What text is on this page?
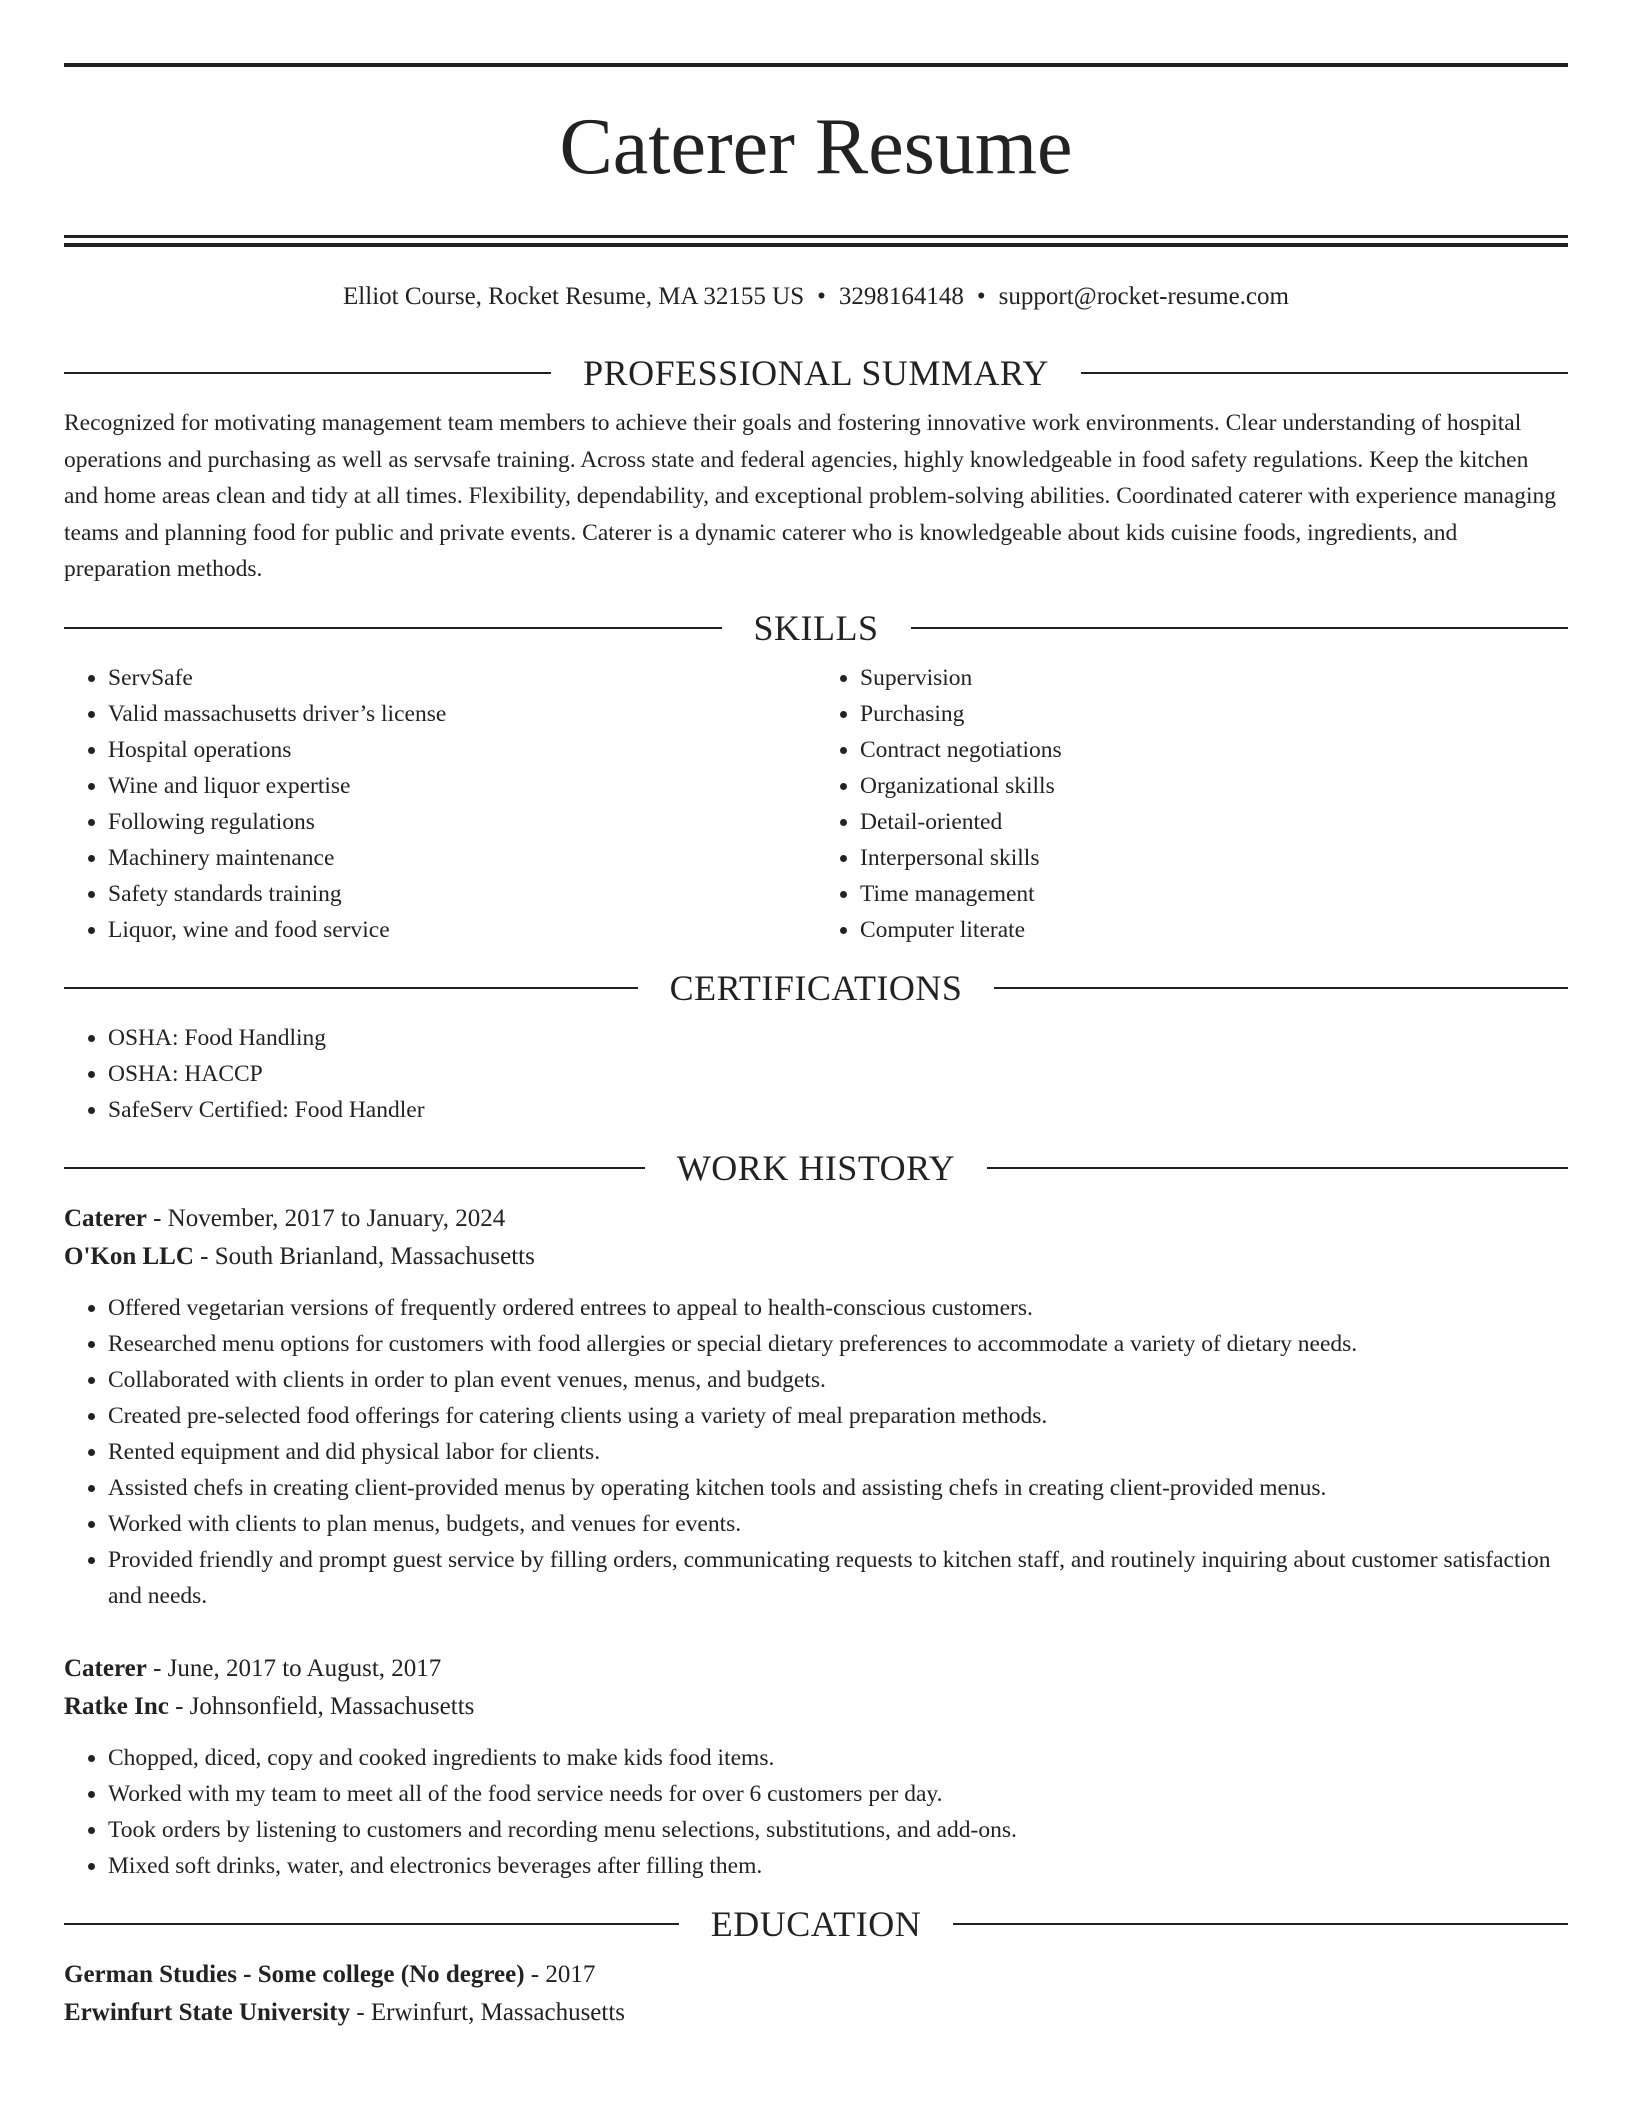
Caterer Resume
Elliot Course, Rocket Resume, MA 32155 US • 3298164148 • support@rocket-resume.com
PROFESSIONAL SUMMARY

Recognized for motivating management team members to achieve their goals and fostering innovative work environments. Clear understanding of hospital operations and purchasing as well as servsafe training. Across state and federal agencies, highly knowledgeable in food safety regulations. Keep the kitchen and home areas clean and tidy at all times. Flexibility, dependability, and exceptional problem-solving abilities. Coordinated caterer with experience managing teams and planning food for public and private events. Caterer is a dynamic caterer who is knowledgeable about kids cuisine foods, ingredients, and preparation methods.

SKILLS
• ServSafe
• Valid massachusetts driver’s license
• Hospital operations
• Wine and liquor expertise
• Following regulations
• Machinery maintenance
• Safety standards training
• Liquor, wine and food service
• Supervision
• Purchasing
• Contract negotiations
• Organizational skills
• Detail-oriented
• Interpersonal skills
• Time management
• Computer literate
CERTIFICATIONS
• OSHA: Food Handling
• OSHA: HACCP
• SafeServ Certified: Food Handler
WORK HISTORY
Caterer - November, 2017 to January, 2024
O'Kon LLC - South Brianland, Massachusetts
• Offered vegetarian versions of frequently ordered entrees to appeal to health-conscious customers.
• Researched menu options for customers with food allergies or special dietary preferences to accommodate a variety of dietary needs.
• Collaborated with clients in order to plan event venues, menus, and budgets.
• Created pre-selected food offerings for catering clients using a variety of meal preparation methods.
• Rented equipment and did physical labor for clients.
• Assisted chefs in creating client-provided menus by operating kitchen tools and assisting chefs in creating client-provided menus.
• Worked with clients to plan menus, budgets, and venues for events.
• Provided friendly and prompt guest service by filling orders, communicating requests to kitchen staff, and routinely inquiring about customer satisfaction and needs.
Caterer - June, 2017 to August, 2017
Ratke Inc - Johnsonfield, Massachusetts
• Chopped, diced, copy and cooked ingredients to make kids food items.
• Worked with my team to meet all of the food service needs for over 6 customers per day.
• Took orders by listening to customers and recording menu selections, substitutions, and add-ons.
• Mixed soft drinks, water, and electronics beverages after filling them.
EDUCATION
German Studies - Some college (No degree) - 2017
Erwinfurt State University - Erwinfurt, Massachusetts
